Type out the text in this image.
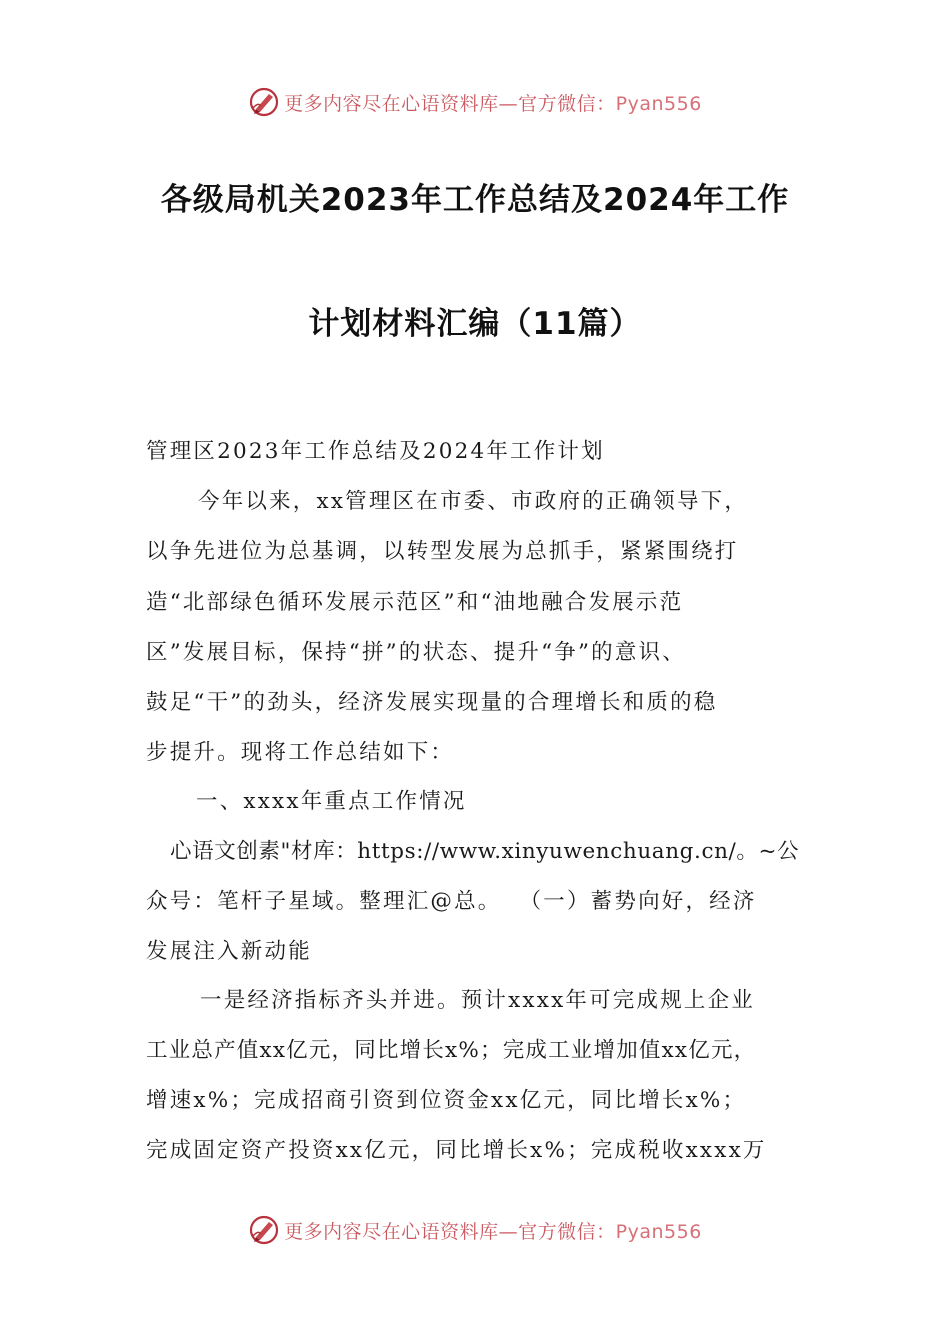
更多内容尽在心语资料库—官方微信：Pyan556
各级局机关2023年工作总结及2024年工作
计划材料汇编（11篇）
管理区2023年工作总结及2024年工作计划
今年以来，xx管理区在市委、市政府的正确领导下，
以争先进位为总基调，以转型发展为总抓手，紧紧围绕打
造“北部绿色循环发展示范区”和“油地融合发展示范
区”发展目标，保持“拼”的状态、提升“争”的意识、
鼓足“干”的劲头，经济发展实现量的合理增长和质的稳
步提升。现将工作总结如下：
一、xxxx年重点工作情况
心语文创素"材库：https://www.xinyuwenchuang.cn/。~公
众号：笔杆子星域。整理汇@总。  （一）蓄势向好，经济
发展注入新动能
一是经济指标齐头并进。预计xxxx年可完成规上企业
工业总产值xx亿元，同比增长x%；完成工业增加值xx亿元，
增速x%；完成招商引资到位资金xx亿元，同比增长x%；
完成固定资产投资xx亿元，同比增长x%；完成税收xxxx万
更多内容尽在心语资料库—官方微信：Pyan556
